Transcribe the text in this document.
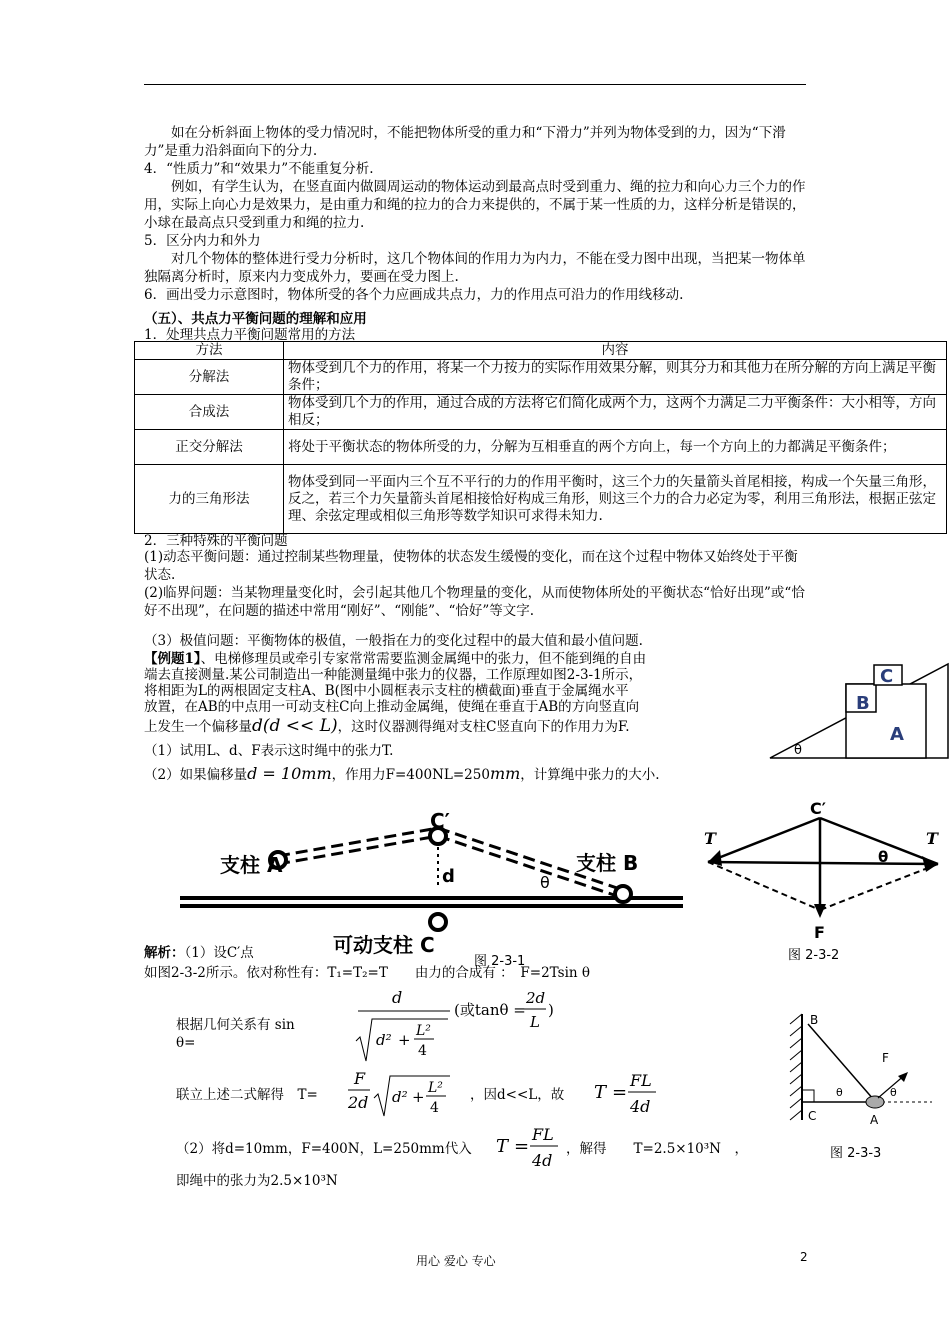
　　如在分析斜面上物体的受力情况时，不能把物体所受的重力和“下滑力”并列为物体受到的力，因为“下滑力”是重力沿斜面向下的分力.
4．“性质力”和“效果力”不能重复分析.
　　例如，有学生认为，在竖直面内做圆周运动的物体运动到最高点时受到重力、绳的拉力和向心力三个力的作用，实际上向心力是效果力，是由重力和绳的拉力的合力来提供的，不属于某一性质的力，这样分析是错误的，小球在最高点只受到重力和绳的拉力.
5．区分内力和外力
　　对几个物体的整体进行受力分析时，这几个物体间的作用力为内力，不能在受力图中出现，当把某一物体单独隔离分析时，原来内力变成外力，要画在受力图上.
6．画出受力示意图时，物体所受的各个力应画成共点力，力的作用点可沿力的作用线移动.
（五）、共点力平衡问题的理解和应用
1．处理共点力平衡问题常用的方法
方法	内容
分解法	物体受到几个力的作用，将某一个力按力的实际作用效果分解，则其分力和其他力在所分解的方向上满足平衡条件；
合成法	物体受到几个力的作用，通过合成的方法将它们简化成两个力，这两个力满足二力平衡条件：大小相等，方向相反；
正交分解法	将处于平衡状态的物体所受的力，分解为互相垂直的两个方向上，每一个方向上的力都满足平衡条件；
力的三角形法	物体受到同一平面内三个互不平行的力的作用平衡时，这三个力的矢量箭头首尾相接，构成一个矢量三角形，反之，若三个力矢量箭头首尾相接恰好构成三角形，则这三个力的合力必定为零，利用三角形法，根据正弦定理、余弦定理或相似三角形等数学知识可求得未知力.
2．三种特殊的平衡问题
(1)动态平衡问题：通过控制某些物理量，使物体的状态发生缓慢的变化，而在这个过程中物体又始终处于平衡状态.
(2)临界问题：当某物理量变化时，会引起其他几个物理量的变化，从而使物体所处的平衡状态“恰好出现”或“恰好不出现”，在问题的描述中常用“刚好”、“刚能”、“恰好”等文字.
（3）极值问题：平衡物体的极值，一般指在力的变化过程中的最大值和最小值问题.
【例题1】、电梯修理员或牵引专家常常需要监测金属绳中的张力，但不能到绳的自由
端去直接测量.某公司制造出一种能测量绳中张力的仪器，工作原理如图2-3-1所示，
将相距为L的两根固定支柱A、B(图中小圆框表示支柱的横截面)垂直于金属绳水平
放置，在AB的中点用一可动支柱C向上推动金属绳，使绳在垂直于AB的方向竖直向
上发生一个偏移量d(d << L)，这时仪器测得绳对支柱C竖直向下的作用力为F.
（1）试用L、d、F表示这时绳中的张力T.
（2）如果偏移量d = 10mm，作用力F=400NL=250mm，计算绳中张力的大小.
C
B
A
θ
支柱 A	支柱 B
可动支柱 C
C′
d	θ
图 2-3-1
C′
T	T
F
θ
图 2-3-2
解析：（1）设C′点
如图2-3-2所示。依对称性有：T₁=T₂=T　　由力的合成有 ：　F=2Tsin θ
根据几何关系有 sin θ=
d
d² + L²
4
(或tanθ =
2d
L
)
联立上述二式解得　T=
F
2d d² + L²
4
，因d<<L，故	T =
FL
4d
（2）将d=10mm，F=400N，L=250mm代入	T =
FL
4d
，解得　　T=2.5×10³N　，
即绳中的张力为2.5×10³N
B
C	A
F
θ	θ
图 2-3-3
用心 爱心 专心	2
